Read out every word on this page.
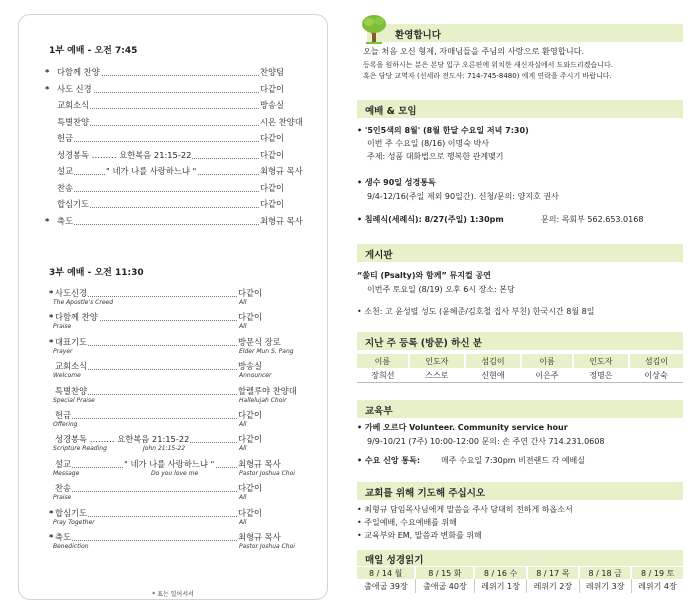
1부 예배 - 오전 7:45
* 다함께 찬양	찬양팀
* 사도 신경	다같이
교회소식	방송실
특별찬양	시온 찬양대
헌금	다같이
성경봉독 ……… 요한복음 21:15-22	다같이
설교	" 네가 나를 사랑하느냐 "	최형규 목사
찬송	다같이
합심기도	다같이
* 축도	최형규 목사
3부 예배 - 오전 11:30
* 사도신경	다같이
The Apostle's Creed	All
* 다함께 찬양	다같이
Praise	All
* 대표기도	방문식 장로
Prayer	Elder Mun S. Pang
교회소식	방송실
Welcome	Announcer
특별찬양	할렐루야 찬양대
Special Praise	Hallelujah Choir
헌금	다같이
Offering	All
성경봉독 ……… 요한복음 21:15-22	다같이
Scripture Reading	John 21:15-22	All
설교	" 네가 나를 사랑하느냐 "	최형규 목사
Message	Do you love me	Pastor Joshua Choi
찬송	다같이
Praise	All
* 합심기도	다같이
Pray Together	All
* 축도	최형규 목사
Benediction	Pastor Joshua Choi
* 표는 일어서서
환영합니다
오늘 처음 오신 형제, 자매님들을 주님의 사랑으로 환영합니다.
등록을 원하시는 분은 본당 입구 오른편에 위치한 새신자실에서 도와드리겠습니다.
혹은 담당 교역자 (선세라 전도사: 714-745-8480) 에게 연락을 주시기 바랍니다.
예배 & 모임
• '5인5색의 8월' (8월 한달 수요일 저녁 7:30)
이번 주 수요일 (8/16) 이명숙 박사
주제: 성품 대화법으로 행복한 관계맺기
• 생수 90일 성경통독
9/4-12/16(주일 제외 90일간). 신청/문의: 양지호 권사
• 침례식(세례식): 8/27(주일) 1:30pm	문의: 목회부 562.653.0168
게시판
“쏠티 (Psalty)와 함께” 뮤지컬 공연
이번주 토요일 (8/19) 오후 6시 장소: 본당
• 소천: 고 윤성렬 성도 (윤혜준/김호철 집사 부친) 한국시간 8월 8일
지난 주 등록 (방문) 하신 분
이름	인도자	섬김이	이름	인도자	섬김이
장희선	스스로	신현애	이은주	정명은	이상숙
교육부
• 가베 오르다 Volunteer. Community service hour
9/9-10/21 (7주) 10:00-12:00 문의: 손 주연 간사 714.231.0608
• 수요 신앙 통독:	매주 수요일 7:30pm 비젼랜드 각 예배실
교회를 위해 기도해 주십시오
• 최형규 담임목사님에게 말씀을 주사 담대히 전하게 하옵소서
• 주일예배, 수요예배를 위해
• 교육부와 EM, 말씀과 변화를 위해
매일 성경읽기
8 / 14 월	8 / 15 화	8 / 16 수	8 / 17 목	8 / 18 금	8 / 19 토
출애굽 39장	출애굽 40장	레위기 1장	레위기 2장	레위기 3장	레위기 4장
